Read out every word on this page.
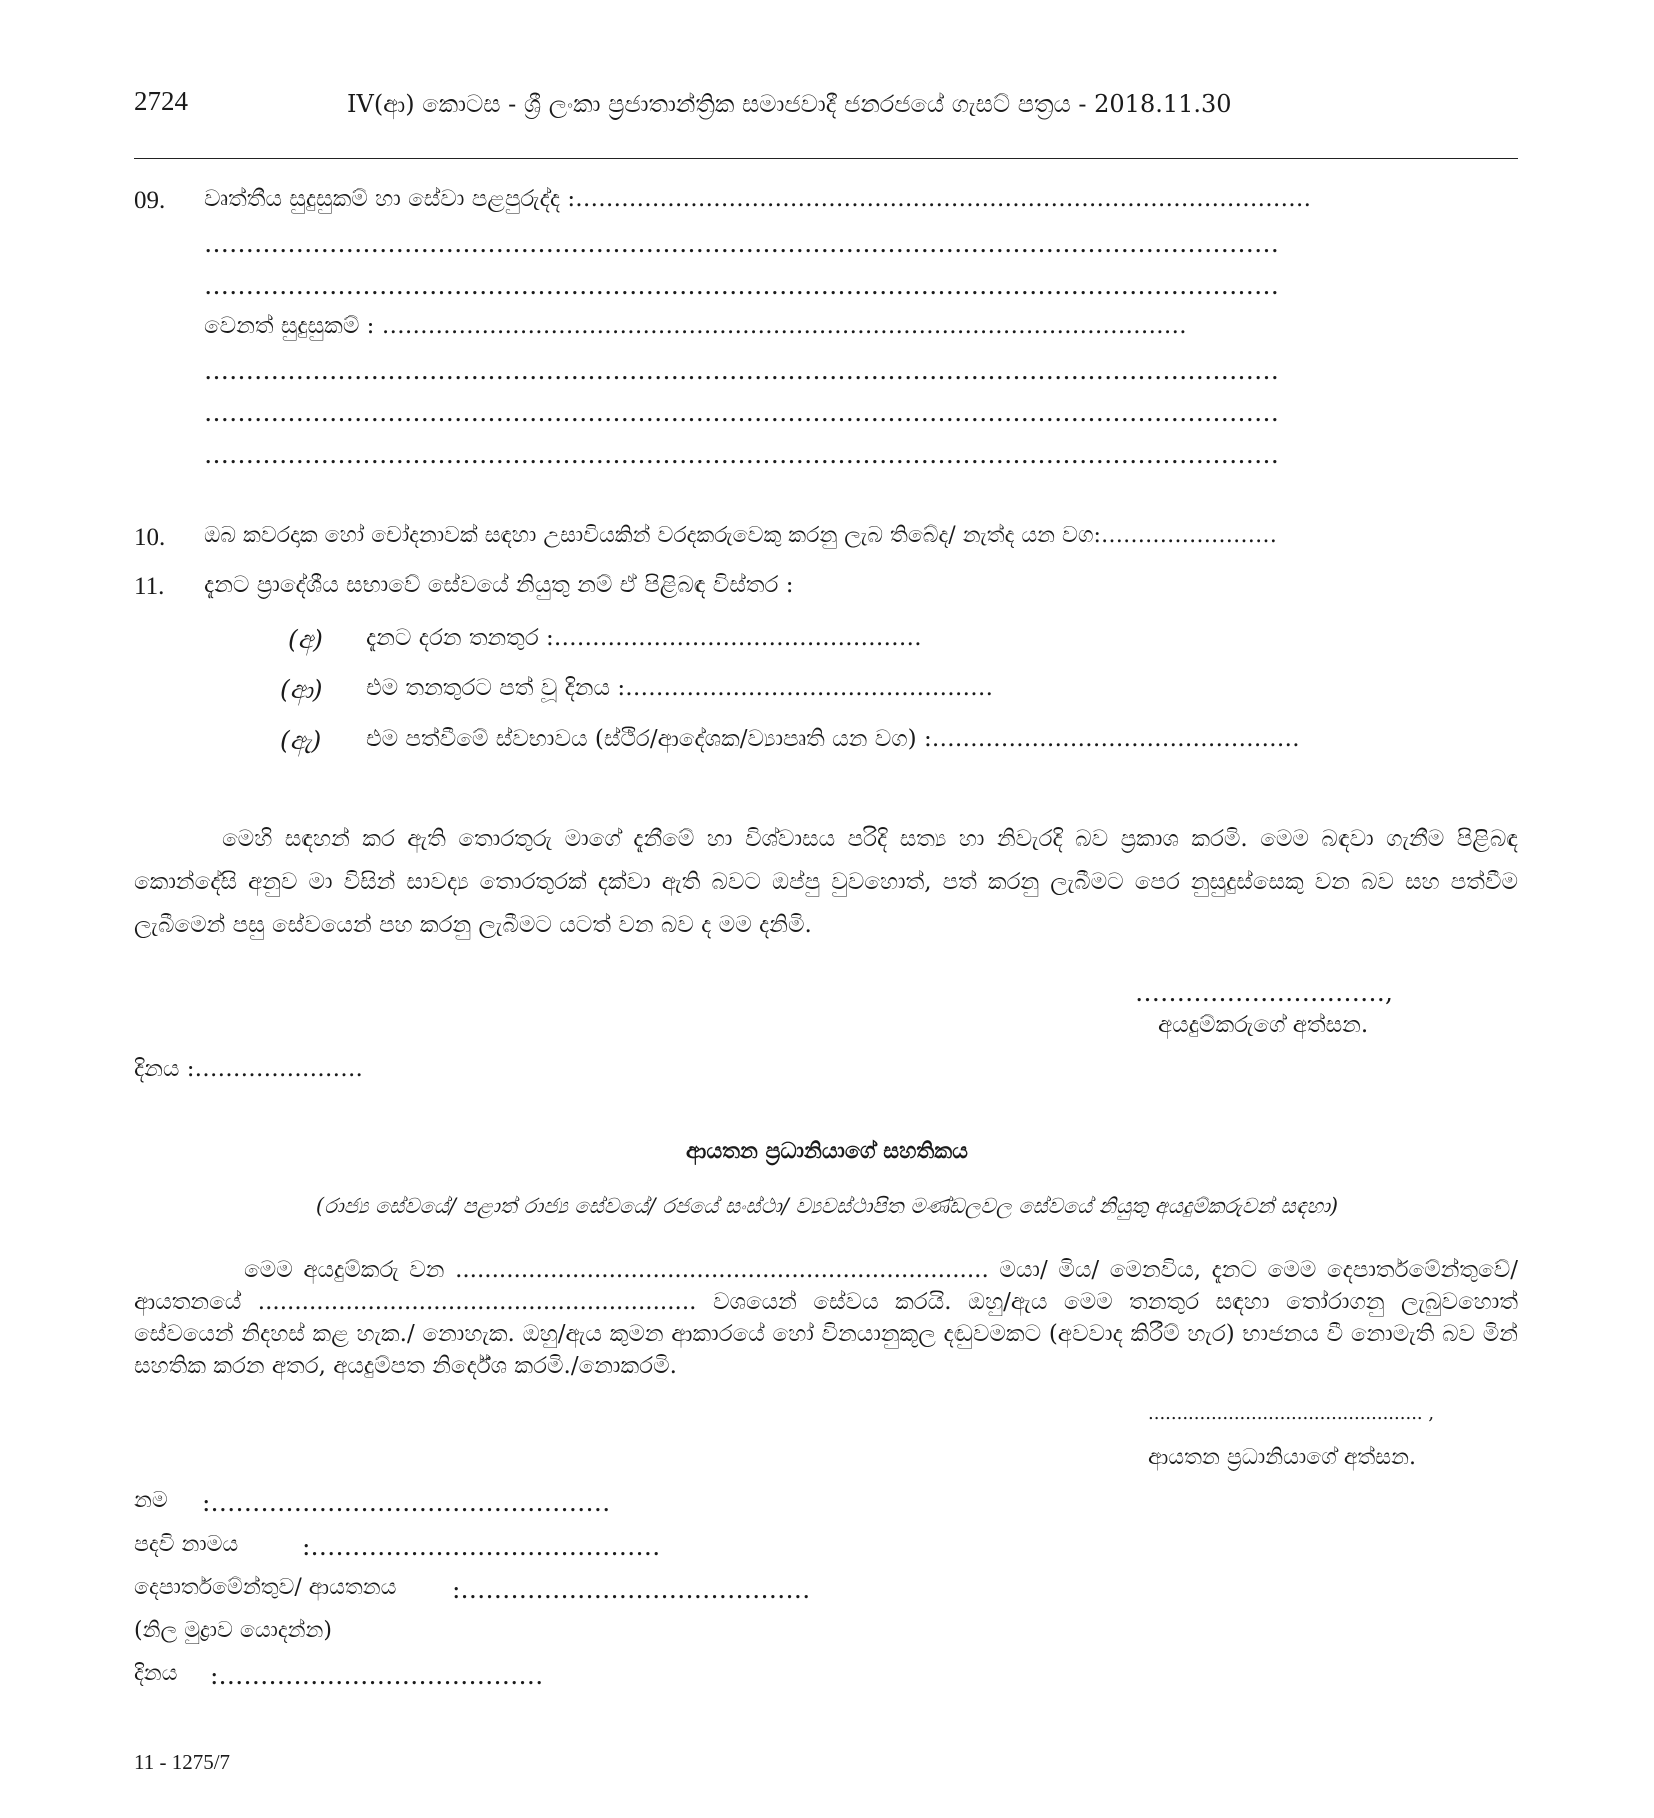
2724	IV(ආ) කොටස - ශ්‍රී ලංකා ප්‍රජාතාන්ත්‍රික සමාජවාදී ජනරජයේ ගැසට් පත්‍රය - 2018.11.30
09. වෘත්තීය සුදුසුකම් හා සේවා පළපුරුද්ද :……………………………………………………………………………………
…………………………………………………………………………………………………………………
…………………………………………………………………………………………………………………
වෙනත් සුදුසුකම් : ……………………………………………………………………………………………
…………………………………………………………………………………………………………………
…………………………………………………………………………………………………………………
…………………………………………………………………………………………………………………
10. ඔබ කවරදාක හෝ චෝදනාවක් සඳහා උසාවියකින් වරදකරුවෙකු කරනු ලැබ තිබේද/ නැත්ද යන වග:……………………
11. දැනට ප්‍රාදේශීය සභාවේ සේවයේ නියුතු නම් ඒ පිළිබඳ විස්තර :
(අ) දැනට දරන තනතුර :…………………………………………
(ආ) එම තනතුරට පත් වූ දිනය :…………………………………………
(ඇ) එම පත්වීමේ ස්වභාවය (ස්ථිර/ආදේශක/ව්‍යාපෘති යන වග) :…………………………………………
මෙහි සඳහන් කර ඇති තොරතුරු මාගේ දැනීමේ හා විශ්වාසය පරිදි සත්‍ය හා නිවැරදි බව ප්‍රකාශ කරමි. මෙම බඳවා ගැනීම පිළිබඳ කොන්දේසි අනුව මා විසින් සාවද්‍ය තොරතුරක් දක්වා ඇති බවට ඔප්පු වුවහොත්, පත් කරනු ලැබීමට පෙර නුසුදුස්සෙකු වන බව සහ පත්වීම ලැබීමෙන් පසු සේවයෙන් පහ කරනු ලැබීමට යටත් වන බව ද මම දනිමි.
…………………………,
අයදුම්කරුගේ අත්සන.
දිනය :………………….
ආයතන ප්‍රධානියාගේ සහතිකය
(රාජ්‍ය සේවයේ/ පළාත් රාජ්‍ය සේවයේ/ රජයේ සංස්ථා/ ව්‍යවස්ථාපිත මණ්ඩලවල සේවයේ නියුතු අයදුම්කරුවන් සඳහා)
මෙම අයදුම්කරු වන ......................................................................... මයා/ මිය/ මෙනවිය, දැනට මෙම දෙපාර්තමේන්තුවේ/ආයතනයේ ............................................................ වශයෙන් සේවය කරයි. ඔහු/ඇය මෙම තනතුර සඳහා තෝරාගනු ලැබුවහොත් සේවයෙන් නිදහස් කළ හැක./ නොහැක. ඔහු/ඇය කුමන ආකාරයේ හෝ විනයානුකූල දඬුවමකට (අවවාද කිරීම් හැර) භාජනය වී නොමැති බව මින් සහතික කරන අතර, අයදුම්පත නිර්දේශ කරමි./නොකරමි.
................................................ ,
ආයතන ප්‍රධානියාගේ අත්සන.
නම :…………………………………………
පදවි නාමය	:……………………………………
දෙපාර්තමේන්තුව/ ආයතනය :……………………………………
(නිල මුද්‍රාව යොදන්න)
දිනය :…………………………………
11 - 1275/7
